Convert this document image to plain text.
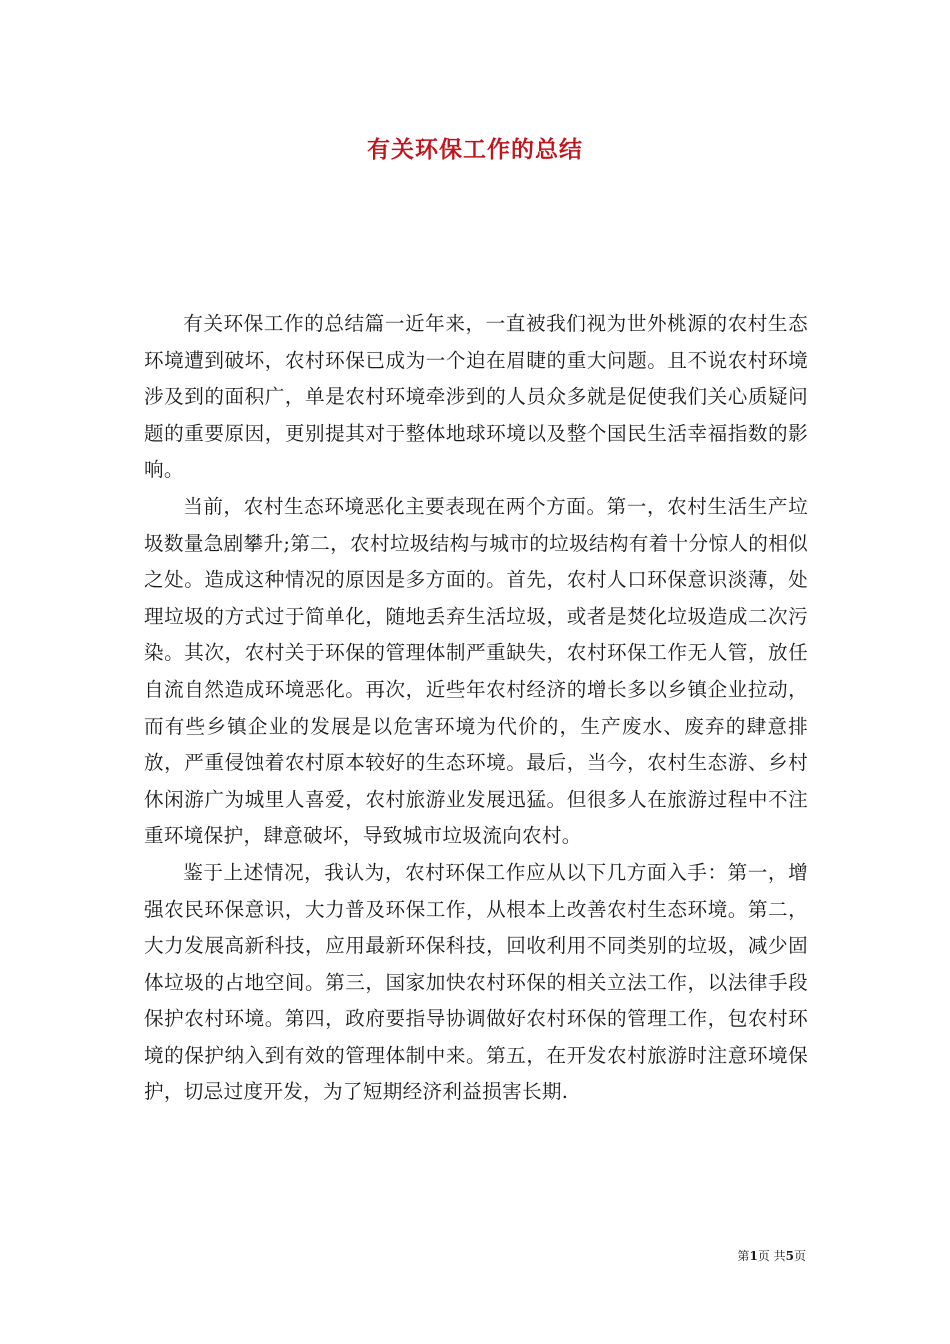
有关环保工作的总结

有关环保工作的总结篇一近年来，一直被我们视为世外桃源的农村生态环境遭到破坏，农村环保已成为一个迫在眉睫的重大问题。且不说农村环境涉及到的面积广，单是农村环境牵涉到的人员众多就是促使我们关心质疑问题的重要原因，更别提其对于整体地球环境以及整个国民生活幸福指数的影响。

当前，农村生态环境恶化主要表现在两个方面。第一，农村生活生产垃圾数量急剧攀升;第二，农村垃圾结构与城市的垃圾结构有着十分惊人的相似之处。造成这种情况的原因是多方面的。首先，农村人口环保意识淡薄，处理垃圾的方式过于简单化，随地丢弃生活垃圾，或者是焚化垃圾造成二次污染。其次，农村关于环保的管理体制严重缺失，农村环保工作无人管，放任自流自然造成环境恶化。再次，近些年农村经济的增长多以乡镇企业拉动，而有些乡镇企业的发展是以危害环境为代价的，生产废水、废弃的肆意排放，严重侵蚀着农村原本较好的生态环境。最后，当今，农村生态游、乡村休闲游广为城里人喜爱，农村旅游业发展迅猛。但很多人在旅游过程中不注重环境保护，肆意破坏，导致城市垃圾流向农村。

鉴于上述情况，我认为，农村环保工作应从以下几方面入手：第一，增强农民环保意识，大力普及环保工作，从根本上改善农村生态环境。第二，大力发展高新科技，应用最新环保科技，回收利用不同类别的垃圾，减少固体垃圾的占地空间。第三，国家加快农村环保的相关立法工作，以法律手段保护农村环境。第四，政府要指导协调做好农村环保的管理工作，包农村环境的保护纳入到有效的管理体制中来。第五，在开发农村旅游时注意环境保护，切忌过度开发，为了短期经济利益损害长期.

第1页 共5页
